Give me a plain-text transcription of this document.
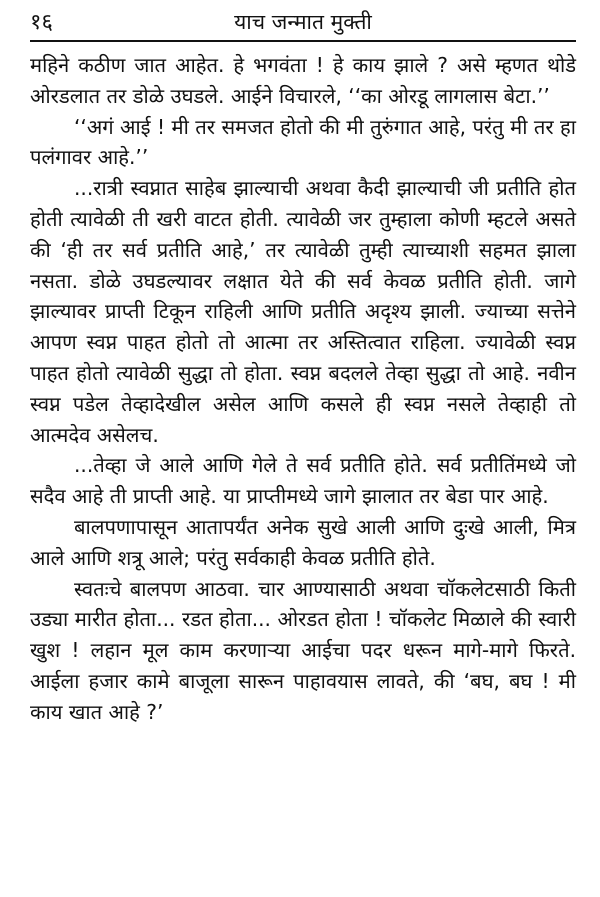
१६	याच जन्मात मुक्ती

महिने कठीण जात आहेत. हे भगवंता ! हे काय झाले ? असे म्हणत थोडे ओरडलात तर डोळे उघडले. आईने विचारले, ‘‘का ओरडू लागलास बेटा.’’

‘‘अगं आई ! मी तर समजत होतो की मी तुरुंगात आहे, परंतु मी तर हा पलंगावर आहे.’’

...रात्री स्वप्नात साहेब झाल्याची अथवा कैदी झाल्याची जी प्रतीति होत होती त्यावेळी ती खरी वाटत होती. त्यावेळी जर तुम्हाला कोणी म्हटले असते की ‘ही तर सर्व प्रतीति आहे,’ तर त्यावेळी तुम्ही त्याच्याशी सहमत झाला नसता. डोळे उघडल्यावर लक्षात येते की सर्व केवळ प्रतीति होती. जागे झाल्यावर प्राप्ती टिकून राहिली आणि प्रतीति अदृश्य झाली. ज्याच्या सत्तेने आपण स्वप्न पाहत होतो तो आत्मा तर अस्तित्वात राहिला. ज्यावेळी स्वप्न पाहत होतो त्यावेळी सुद्धा तो होता. स्वप्न बदलले तेव्हा सुद्धा तो आहे. नवीन स्वप्न पडेल तेव्हादेखील असेल आणि कसले ही स्वप्न नसले तेव्हाही तो आत्मदेव असेलच.

...तेव्हा जे आले आणि गेले ते सर्व प्रतीति होते. सर्व प्रतीतिंमध्ये जो सदैव आहे ती प्राप्ती आहे. या प्राप्तीमध्ये जागे झालात तर बेडा पार आहे.

बालपणापासून आतापर्यंत अनेक सुखे आली आणि दुःखे आली, मित्र आले आणि शत्रू आले; परंतु सर्वकाही केवळ प्रतीति होते.

स्वतःचे बालपण आठवा. चार आण्यासाठी अथवा चॉकलेटसाठी किती उड्या मारीत होता... रडत होता... ओरडत होता ! चॉकलेट मिळाले की स्वारी खुश ! लहान मूल काम करणाऱ्या आईचा पदर धरून मागे-मागे फिरते. आईला हजार कामे बाजूला सारून पाहावयास लावते, की ‘बघ, बघ ! मी काय खात आहे ?’
